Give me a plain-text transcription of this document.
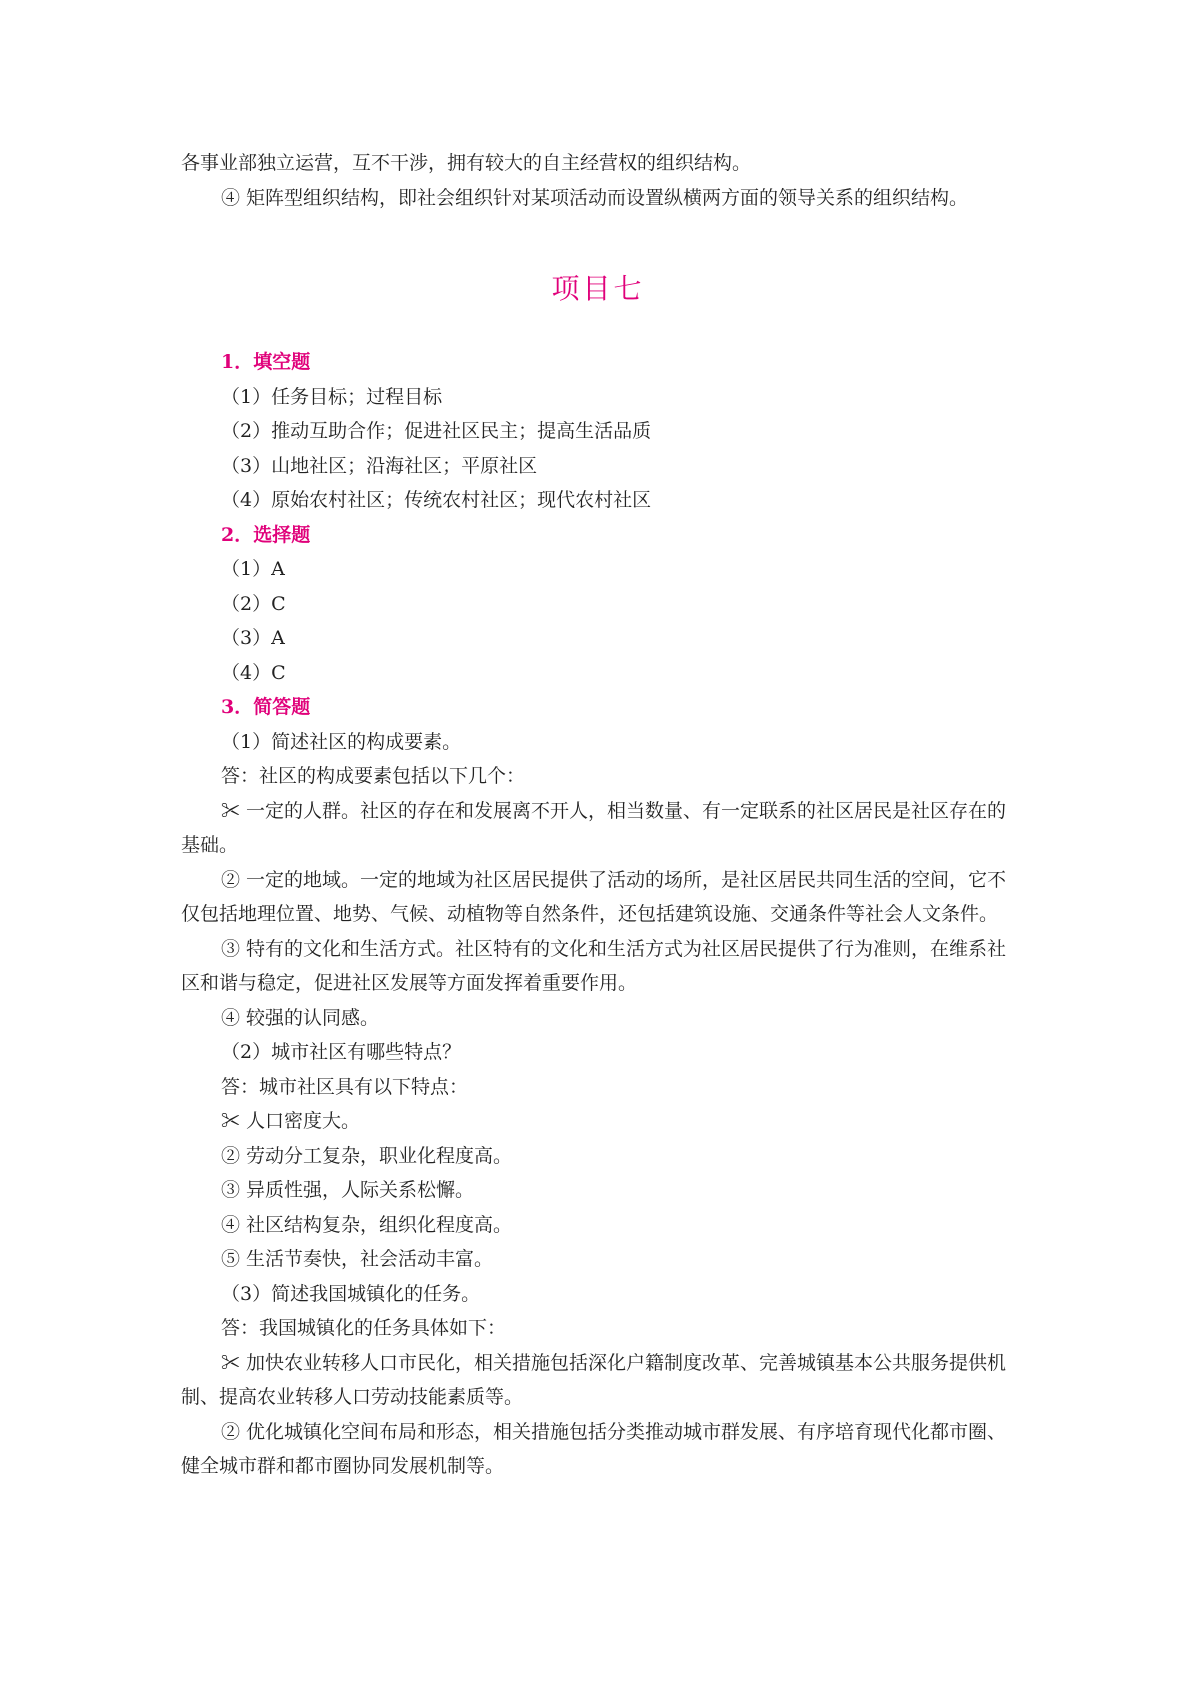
各事业部独立运营，互不干涉，拥有较大的自主经营权的组织结构。

④ 矩阵型组织结构，即社会组织针对某项活动而设置纵横两方面的领导关系的组织结构。

项目七

1．填空题

（1）任务目标；过程目标

（2）推动互助合作；促进社区民主；提高生活品质

（3）山地社区；沿海社区；平原社区

（4）原始农村社区；传统农村社区；现代农村社区

2．选择题

（1）A

（2）C

（3）A

（4）C

3．简答题

（1）简述社区的构成要素。

答：社区的构成要素包括以下几个：

✂ 一定的人群。社区的存在和发展离不开人，相当数量、有一定联系的社区居民是社区存在的基础。

② 一定的地域。一定的地域为社区居民提供了活动的场所，是社区居民共同生活的空间，它不仅包括地理位置、地势、气候、动植物等自然条件，还包括建筑设施、交通条件等社会人文条件。

③ 特有的文化和生活方式。社区特有的文化和生活方式为社区居民提供了行为准则，在维系社区和谐与稳定，促进社区发展等方面发挥着重要作用。

④ 较强的认同感。

（2）城市社区有哪些特点？

答：城市社区具有以下特点：

✂ 人口密度大。

② 劳动分工复杂，职业化程度高。

③ 异质性强，人际关系松懈。

④ 社区结构复杂，组织化程度高。

⑤ 生活节奏快，社会活动丰富。

（3）简述我国城镇化的任务。

答：我国城镇化的任务具体如下：

✂ 加快农业转移人口市民化，相关措施包括深化户籍制度改革、完善城镇基本公共服务提供机制、提高农业转移人口劳动技能素质等。

② 优化城镇化空间布局和形态，相关措施包括分类推动城市群发展、有序培育现代化都市圈、健全城市群和都市圈协同发展机制等。
